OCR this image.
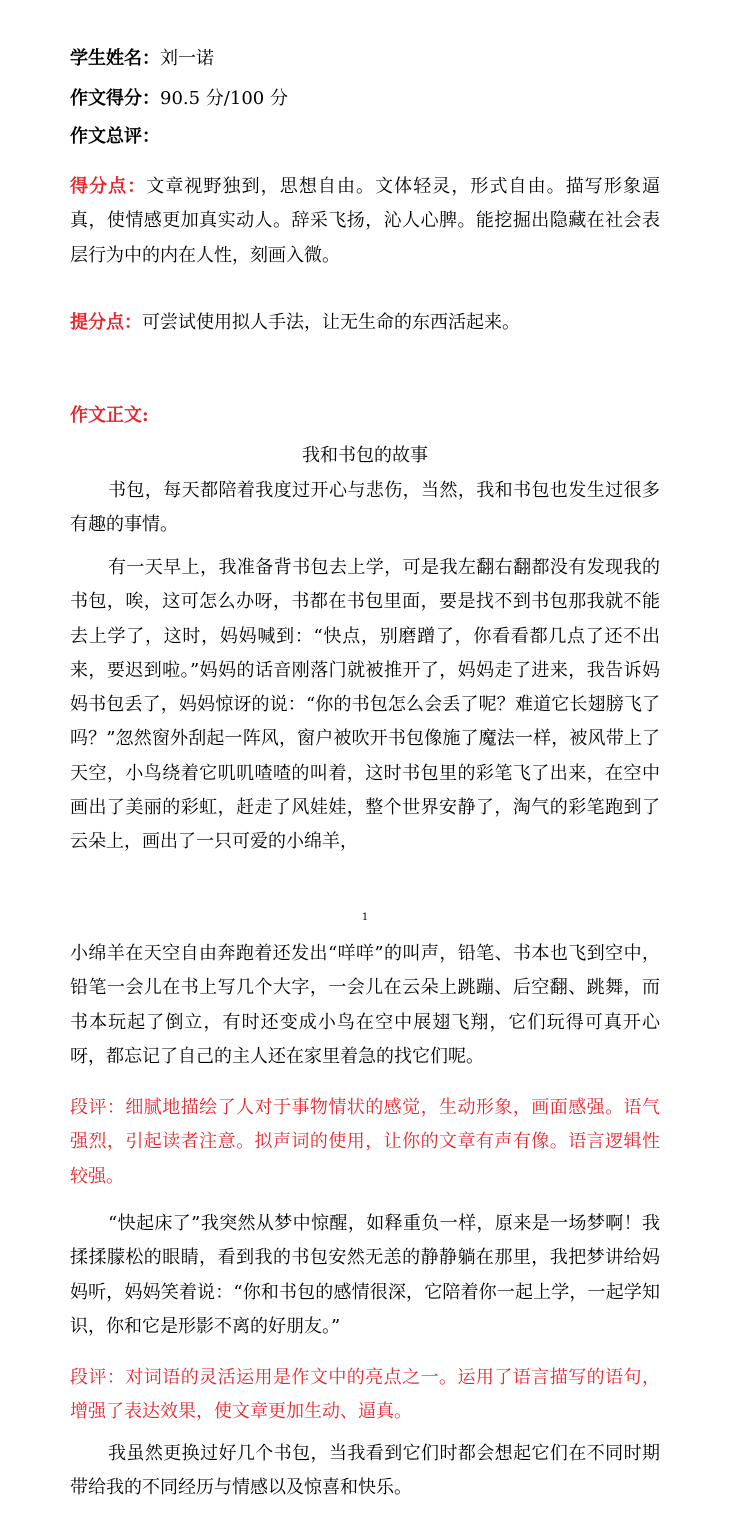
学生姓名：刘一诺
作文得分：90.5 分/100 分
作文总评：

得分点：文章视野独到，思想自由。文体轻灵，形式自由。描写形象逼真，使情感更加真实动人。辞采飞扬，沁人心脾。能挖掘出隐藏在社会表层行为中的内在人性，刻画入微。

提分点：可尝试使用拟人手法，让无生命的东西活起来。

作文正文:
我和书包的故事

书包，每天都陪着我度过开心与悲伤，当然，我和书包也发生过很多有趣的事情。

有一天早上，我准备背书包去上学，可是我左翻右翻都没有发现我的书包，唉，这可怎么办呀，书都在书包里面，要是找不到书包那我就不能去上学了，这时，妈妈喊到：“快点，别磨蹭了，你看看都几点了还不出来，要迟到啦。”妈妈的话音刚落门就被推开了，妈妈走了进来，我告诉妈妈书包丢了，妈妈惊讶的说：“你的书包怎么会丢了呢？难道它长翅膀飞了吗？”忽然窗外刮起一阵风，窗户被吹开书包像施了魔法一样，被风带上了天空，小鸟绕着它叽叽喳喳的叫着，这时书包里的彩笔飞了出来，在空中画出了美丽的彩虹，赶走了风娃娃，整个世界安静了，淘气的彩笔跑到了云朵上，画出了一只可爱的小绵羊，

1

小绵羊在天空自由奔跑着还发出“咩咩”的叫声，铅笔、书本也飞到空中，铅笔一会儿在书上写几个大字，一会儿在云朵上跳蹦、后空翻、跳舞，而书本玩起了倒立，有时还变成小鸟在空中展翅飞翔，它们玩得可真开心呀，都忘记了自己的主人还在家里着急的找它们呢。

段评：细腻地描绘了人对于事物情状的感觉，生动形象，画面感强。语气强烈，引起读者注意。拟声词的使用，让你的文章有声有像。语言逻辑性较强。

“快起床了”我突然从梦中惊醒，如释重负一样，原来是一场梦啊！我揉揉朦松的眼睛，看到我的书包安然无恙的静静躺在那里，我把梦讲给妈妈听，妈妈笑着说：“你和书包的感情很深，它陪着你一起上学，一起学知识，你和它是形影不离的好朋友。”

段评：对词语的灵活运用是作文中的亮点之一。运用了语言描写的语句，增强了表达效果，使文章更加生动、逼真。

我虽然更换过好几个书包，当我看到它们时都会想起它们在不同时期带给我的不同经历与情感以及惊喜和快乐。
